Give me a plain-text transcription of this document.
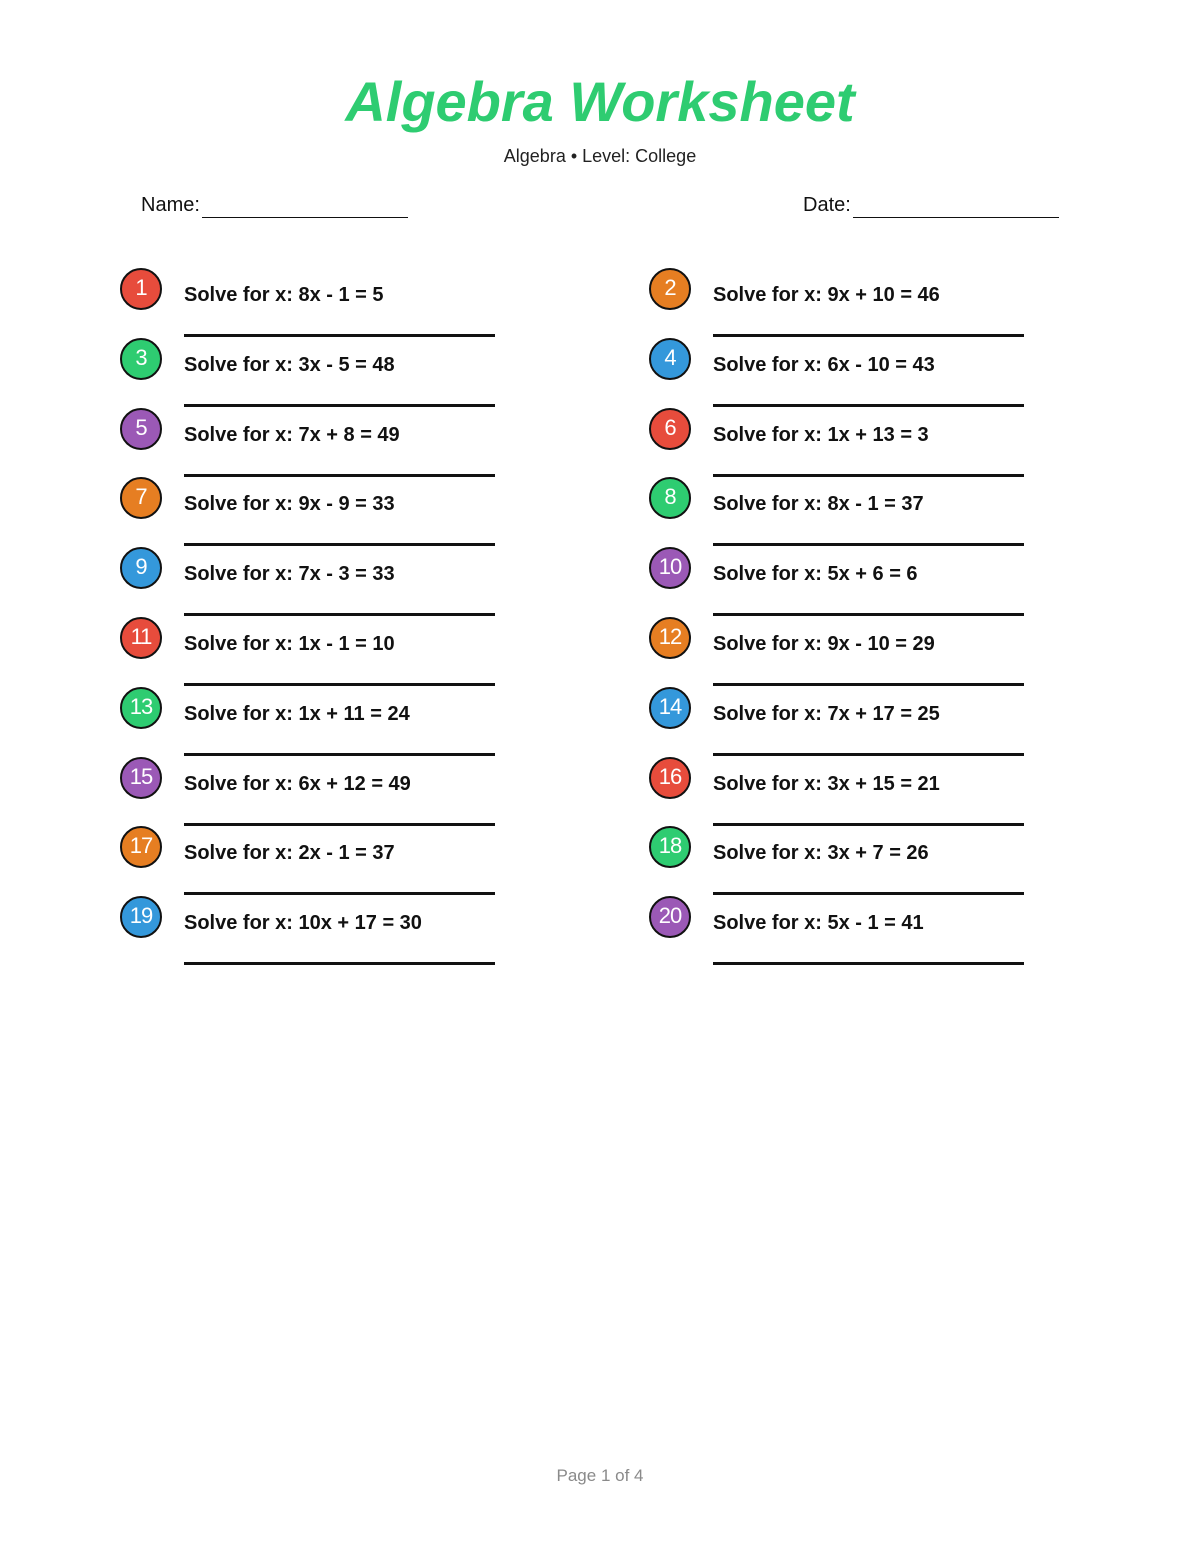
Algebra Worksheet
Algebra • Level: College
Name:	Date:
1	Solve for x: 8x - 1 = 5	2	Solve for x: 9x + 10 = 46
3	Solve for x: 3x - 5 = 48	4	Solve for x: 6x - 10 = 43
5	Solve for x: 7x + 8 = 49	6	Solve for x: 1x + 13 = 3
7	Solve for x: 9x - 9 = 33	8	Solve for x: 8x - 1 = 37
9	Solve for x: 7x - 3 = 33	10	Solve for x: 5x + 6 = 6
11	Solve for x: 1x - 1 = 10	12	Solve for x: 9x - 10 = 29
13	Solve for x: 1x + 11 = 24	14	Solve for x: 7x + 17 = 25
15	Solve for x: 6x + 12 = 49	16	Solve for x: 3x + 15 = 21
17	Solve for x: 2x - 1 = 37	18	Solve for x: 3x + 7 = 26
19	Solve for x: 10x + 17 = 30	20	Solve for x: 5x - 1 = 41
Page 1 of 4
